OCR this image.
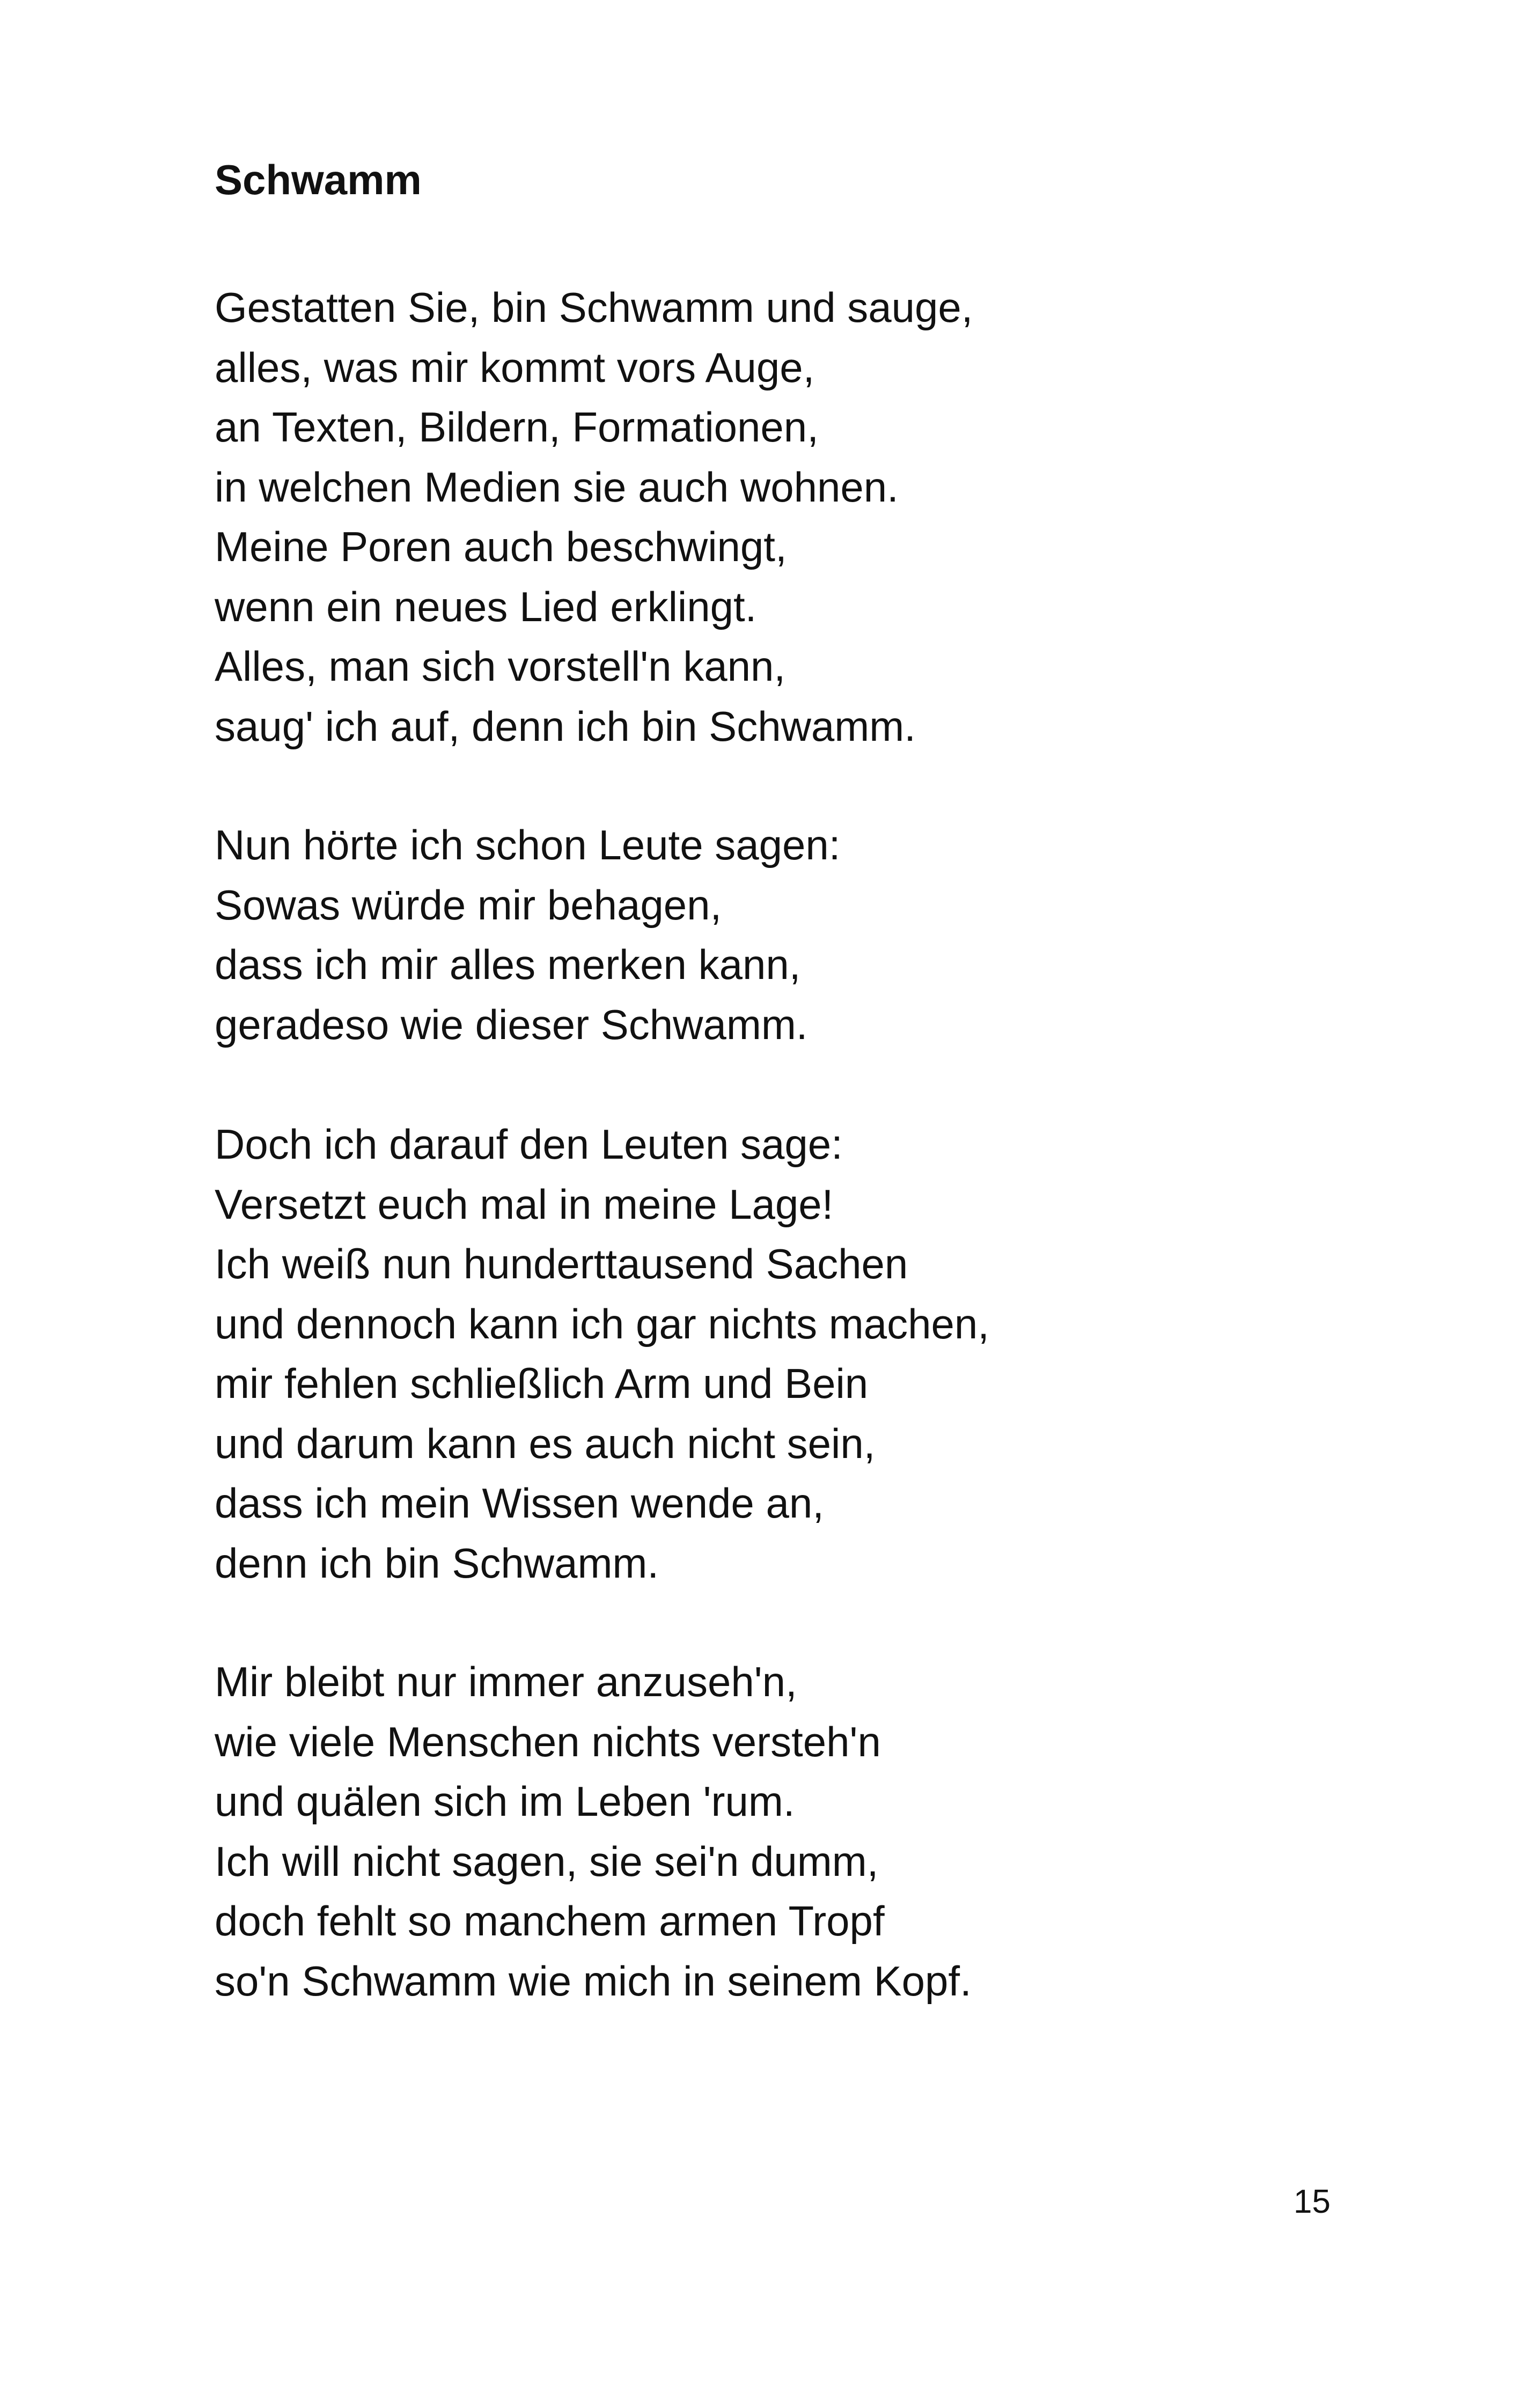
Schwamm
Gestatten Sie, bin Schwamm und sauge,
alles, was mir kommt vors Auge,
an Texten, Bildern, Formationen,
in welchen Medien sie auch wohnen.
Meine Poren auch beschwingt,
wenn ein neues Lied erklingt.
Alles, man sich vorstell'n kann,
saug' ich auf, denn ich bin Schwamm.
Nun hörte ich schon Leute sagen:
Sowas würde mir behagen,
dass ich mir alles merken kann,
geradeso wie dieser Schwamm.
Doch ich darauf den Leuten sage:
Versetzt euch mal in meine Lage!
Ich weiß nun hunderttausend Sachen
und dennoch kann ich gar nichts machen,
mir fehlen schließlich Arm und Bein
und darum kann es auch nicht sein,
dass ich mein Wissen wende an,
denn ich bin Schwamm.
Mir bleibt nur immer anzuseh'n,
wie viele Menschen nichts versteh'n
und quälen sich im Leben 'rum.
Ich will nicht sagen, sie sei'n dumm,
doch fehlt so manchem armen Tropf
so'n Schwamm wie mich in seinem Kopf.
15
